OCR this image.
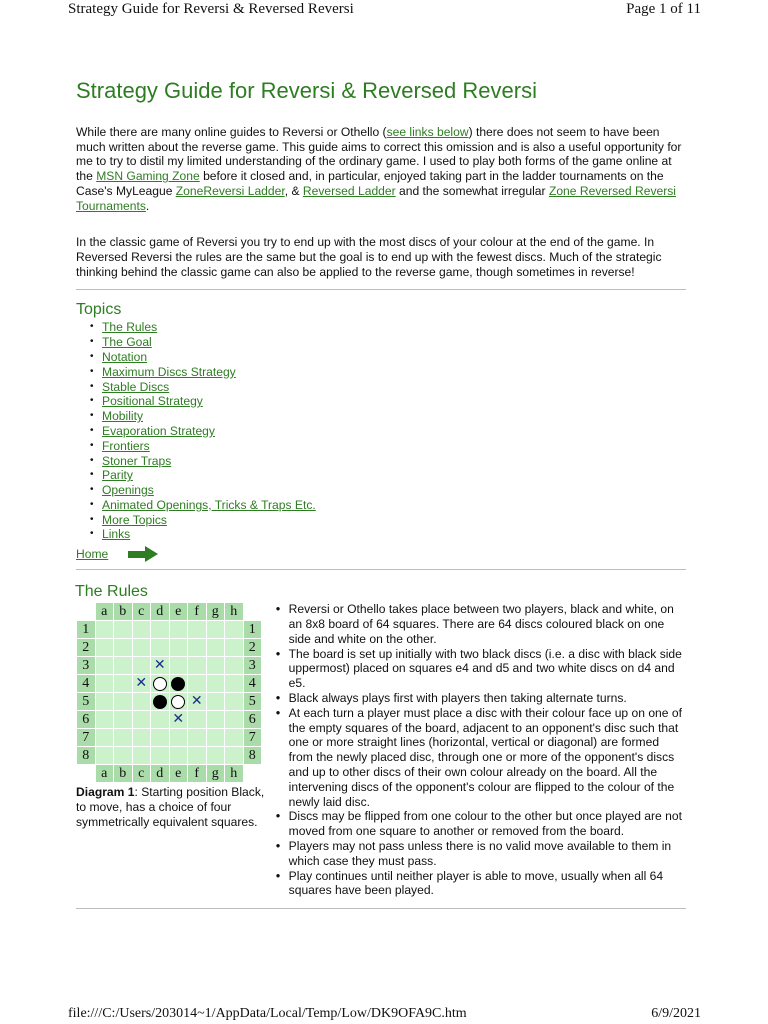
Strategy Guide for Reversi & Reversed Reversi	Page 1 of 11
Strategy Guide for Reversi & Reversed Reversi

While there are many online guides to Reversi or Othello (see links below) there does not seem to have been much written about the reverse game. This guide aims to correct this omission and is also a useful opportunity for me to try to distil my limited understanding of the ordinary game. I used to play both forms of the game online at the MSN Gaming Zone before it closed and, in particular, enjoyed taking part in the ladder tournaments on the Case's MyLeague ZoneReversi Ladder, & Reversed Ladder and the somewhat irregular Zone Reversed Reversi Tournaments.

In the classic game of Reversi you try to end up with the most discs of your colour at the end of the game. In Reversed Reversi the rules are the same but the goal is to end up with the fewest discs. Much of the strategic thinking behind the classic game can also be applied to the reverse game, though sometimes in reverse!

Topics
• The Rules
• The Goal
• Notation
• Maximum Discs Strategy
• Stable Discs
• Positional Strategy
• Mobility
• Evaporation Strategy
• Frontiers
• Stoner Traps
• Parity
• Openings
• Animated Openings, Tricks & Traps Etc.
• More Topics
• Links
Home
The Rules
	a	b	c	d	e	f	g	h	
1									1
2									2
3				✕					3
4			✕						4
5						✕			5
6					✕				6
7									7
8									8
	a	b	c	d	e	f	g	h	
Diagram 1: Starting position Black, to move, has a choice of four symmetrically equivalent squares.
● Reversi or Othello takes place between two players, black and white, on an 8x8 board of 64 squares. There are 64 discs coloured black on one side and white on the other.
● The board is set up initially with two black discs (i.e. a disc with black side uppermost) placed on squares e4 and d5 and two white discs on d4 and e5.
● Black always plays first with players then taking alternate turns.
● At each turn a player must place a disc with their colour face up on one of the empty squares of the board, adjacent to an opponent's disc such that one or more straight lines (horizontal, vertical or diagonal) are formed from the newly placed disc, through one or more of the opponent's discs and up to other discs of their own colour already on the board. All the intervening discs of the opponent's colour are flipped to the colour of the newly laid disc.
● Discs may be flipped from one colour to the other but once played are not moved from one square to another or removed from the board.
● Players may not pass unless there is no valid move available to them in which case they must pass.
● Play continues until neither player is able to move, usually when all 64 squares have been played.
file:///C:/Users/203014~1/AppData/Local/Temp/Low/DK9OFA9C.htm	6/9/2021
